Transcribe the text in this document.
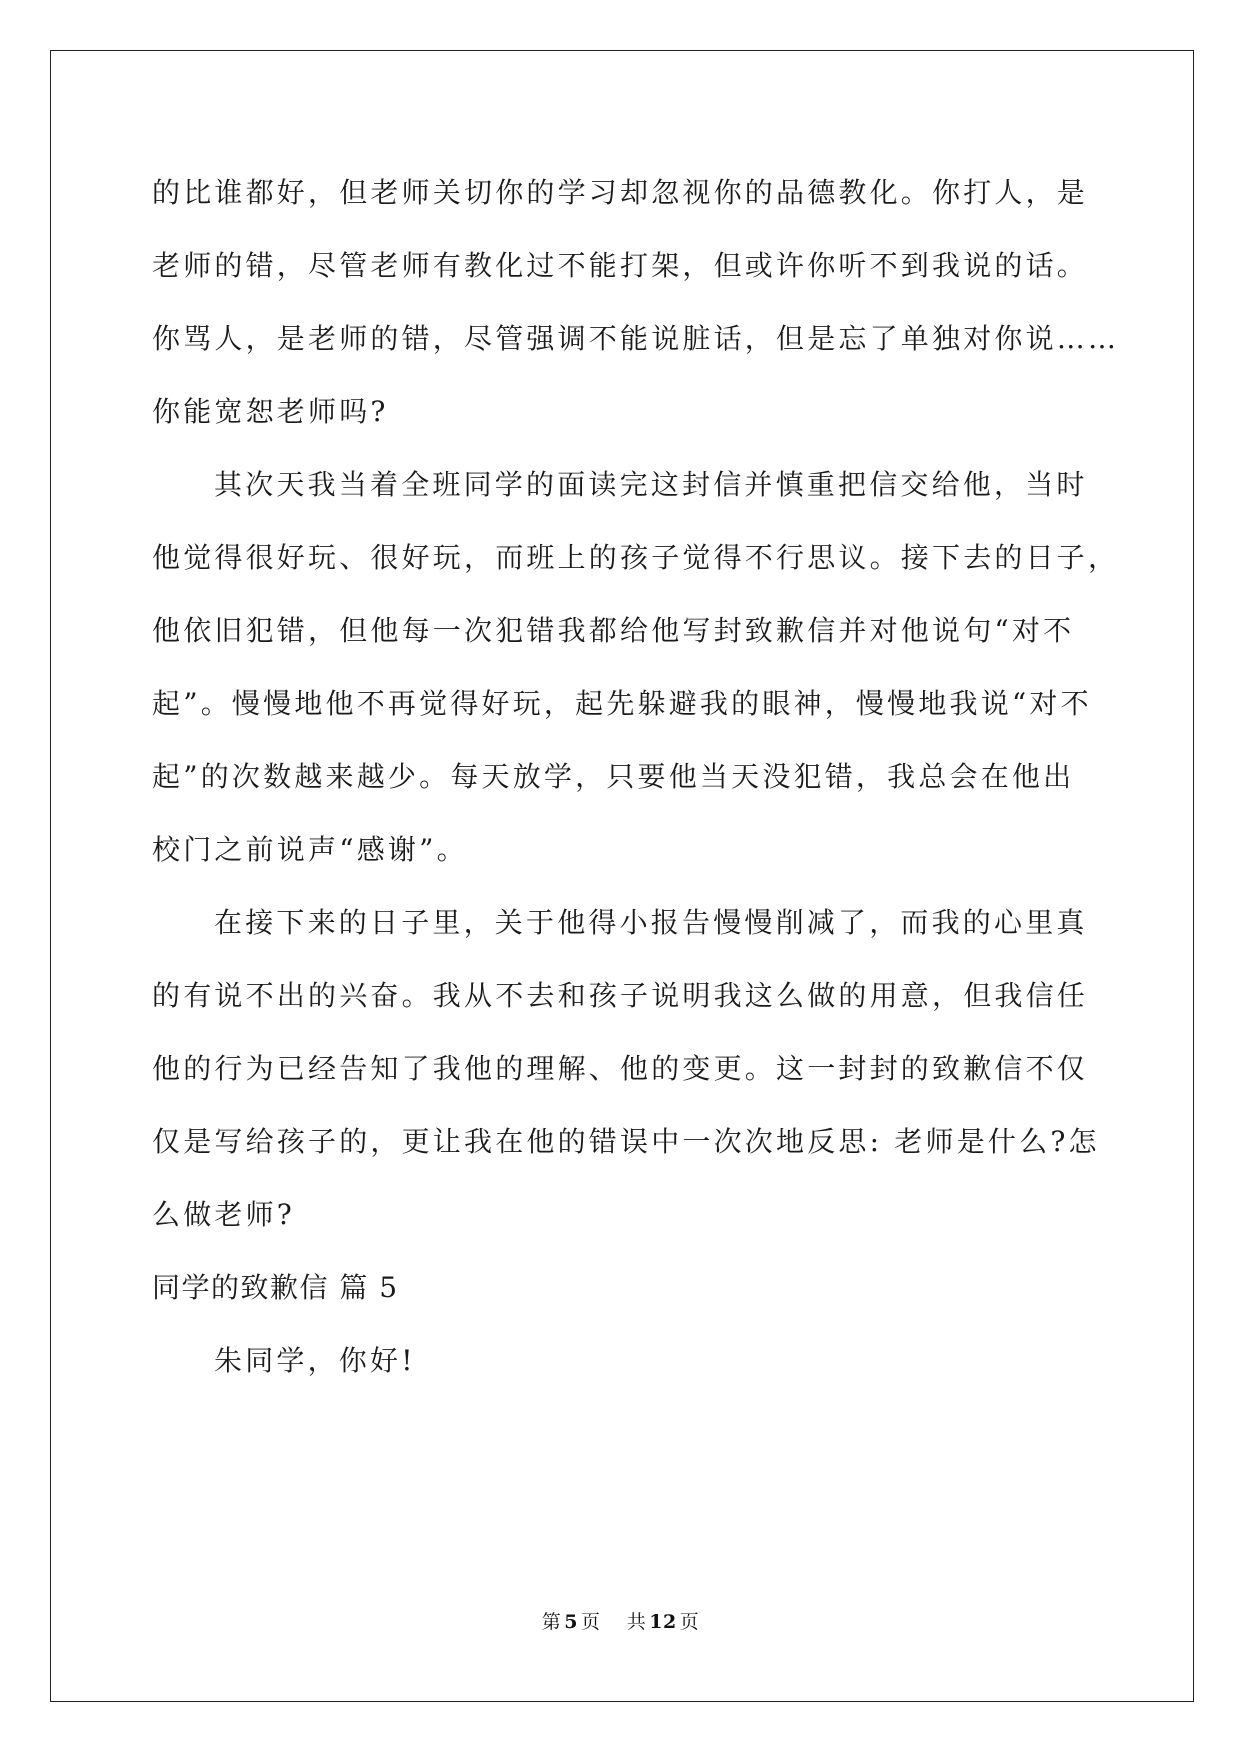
的比谁都好，但老师关切你的学习却忽视你的品德教化。你打人，是
老师的错，尽管老师有教化过不能打架，但或许你听不到我说的话。
你骂人，是老师的错，尽管强调不能说脏话，但是忘了单独对你说……
你能宽恕老师吗?
其次天我当着全班同学的面读完这封信并慎重把信交给他，当时
他觉得很好玩、很好玩，而班上的孩子觉得不行思议。接下去的日子，
他依旧犯错，但他每一次犯错我都给他写封致歉信并对他说句“对不
起”。慢慢地他不再觉得好玩，起先躲避我的眼神，慢慢地我说“对不
起”的次数越来越少。每天放学，只要他当天没犯错，我总会在他出
校门之前说声“感谢”。
在接下来的日子里，关于他得小报告慢慢削减了，而我的心里真
的有说不出的兴奋。我从不去和孩子说明我这么做的用意，但我信任
他的行为已经告知了我他的理解、他的变更。这一封封的致歉信不仅
仅是写给孩子的，更让我在他的错误中一次次地反思: 老师是什么?怎
么做老师?
同学的致歉信 篇 5
朱同学，你好!
第 5 页 共 12 页
